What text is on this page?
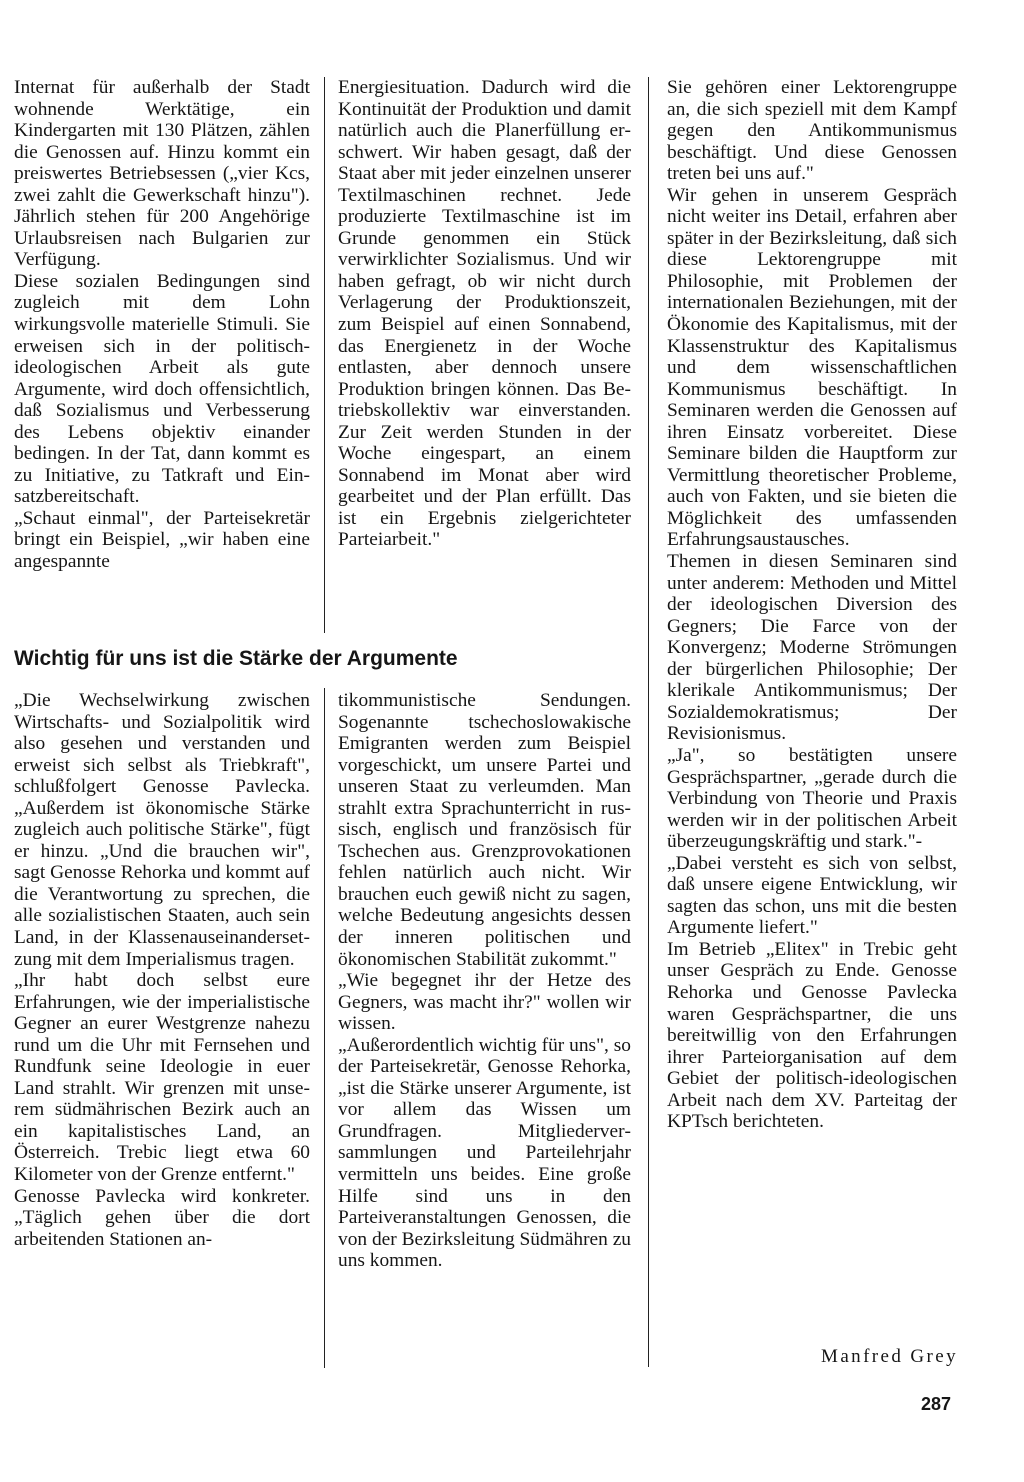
Internat für außerhalb der Stadt wohnende Werktätige, ein Kindergarten mit 130 Plätzen, zählen die Genossen auf. Hinzu kommt ein preiswertes Betriebsessen („vier Kcs, zwei zahlt die Gewerkschaft hinzu"). Jährlich stehen für 200 Angehörige Urlaubsreisen nach Bulgarien zur Verfügung.

Diese sozialen Bedingungen sind zugleich mit dem Lohn wirkungsvolle materielle Stimuli. Sie erweisen sich in der politisch-ideologischen Arbeit als gute Argumente, wird doch offensichtlich, daß Sozialismus und Verbesserung des Lebens objektiv einander bedingen. In der Tat, dann kommt es zu Initiative, zu Tatkraft und Einsatzbereitschaft.

„Schaut einmal", der Parteisekretär bringt ein Beispiel, „wir haben eine angespannte

Energiesituation. Dadurch wird die Kontinuität der Produktion und damit natürlich auch die Planerfüllung erschwert. Wir haben gesagt, daß der Staat aber mit jeder einzelnen unserer Textilmaschinen rechnet. Jede produzierte Textilmaschine ist im Grunde genommen ein Stück verwirklichter Sozialismus. Und wir haben gefragt, ob wir nicht durch Verlagerung der Produktionszeit, zum Beispiel auf einen Sonnabend, das Energienetz in der Woche entlasten, aber dennoch unsere Produktion bringen können. Das Betriebskollektiv war einverstanden. Zur Zeit werden Stunden in der Woche eingespart, an einem Sonnabend im Monat aber wird gearbeitet und der Plan erfüllt. Das ist ein Ergebnis zielgerichteter Parteiarbeit."

Sie gehören einer Lektorengruppe an, die sich speziell mit dem Kampf gegen den Antikommunismus beschäftigt. Und diese Genossen treten bei uns auf."

Wir gehen in unserem Gespräch nicht weiter ins Detail, erfahren aber später in der Bezirksleitung, daß sich diese Lektorengruppe mit Philosophie, mit Problemen der internationalen Beziehungen, mit der Ökonomie des Kapitalismus, mit der Klassenstruktur des Kapitalismus und dem wissenschaftlichen Kommunismus beschäftigt. In Seminaren werden die Genossen auf ihren Einsatz vorbereitet. Diese Seminare bilden die Hauptform zur Vermittlung theoretischer Probleme, auch von Fakten, und sie bieten die Möglichkeit des umfassenden Erfahrungsaustausches.

Themen in diesen Seminaren sind unter anderem: Methoden und Mittel der ideologischen Diversion des Gegners; Die Farce von der Konvergenz; Moderne Strömungen der bürgerlichen Philosophie; Der klerikale Antikommunismus; Der Sozialdemokratismus; Der Revisionismus.

„Ja", so bestätigten unsere Gesprächspartner, „gerade durch die Verbindung von Theorie und Praxis werden wir in der politischen Arbeit überzeugungskräftig und stark."-

„Dabei versteht es sich von selbst, daß unsere eigene Entwicklung, wir sagten das schon, uns mit die besten Argumente liefert."

Im Betrieb „Elitex" in Trebic geht unser Gespräch zu Ende. Genosse Rehorka und Genosse Pavlecka waren Gesprächspartner, die uns bereitwillig von den Erfahrungen ihrer Parteiorganisation auf dem Gebiet der politisch-ideologischen Arbeit nach dem XV. Parteitag der KPTsch berichteten.

Wichtig für uns ist die Stärke der Argumente

„Die Wechselwirkung zwischen Wirtschafts- und Sozialpolitik wird also gesehen und verstanden und erweist sich selbst als Triebkraft", schlußfolgert Genosse Pavlecka. „Außerdem ist ökonomische Stärke zugleich auch politische Stärke", fügt er hinzu. „Und die brauchen wir", sagt Genosse Rehorka und kommt auf die Verantwortung zu sprechen, die alle sozialistischen Staaten, auch sein Land, in der Klassenauseinandersetzung mit dem Imperialismus tragen.

„Ihr habt doch selbst eure Erfahrungen, wie der imperialistische Gegner an eurer Westgrenze nahezu rund um die Uhr mit Fernsehen und Rundfunk seine Ideologie in euer Land strahlt. Wir grenzen mit unserem südmährischen Bezirk auch an ein kapitalistisches Land, an Österreich. Trebic liegt etwa 60 Kilometer von der Grenze entfernt."

Genosse Pavlecka wird konkreter. „Täglich gehen über die dort arbeitenden Stationen an-

tikommunistische Sendungen. Sogenannte tschechoslowakische Emigranten werden zum Beispiel vorgeschickt, um unsere Partei und unseren Staat zu verleumden. Man strahlt extra Sprachunterricht in russisch, englisch und französisch für Tschechen aus. Grenzprovokationen fehlen natürlich auch nicht. Wir brauchen euch gewiß nicht zu sagen, welche Bedeutung angesichts dessen der inneren politischen und ökonomischen Stabilität zukommt."

„Wie begegnet ihr der Hetze des Gegners, was macht ihr?" wollen wir wissen.

„Außerordentlich wichtig für uns", so der Parteisekretär, Genosse Rehorka, „ist die Stärke unserer Argumente, ist vor allem das Wissen um Grundfragen. Mitgliederversammlungen und Parteilehrjahr vermitteln uns beides. Eine große Hilfe sind uns in den Parteiveranstaltungen Genossen, die von der Bezirksleitung Südmähren zu uns kommen.

Manfred Grey

287
